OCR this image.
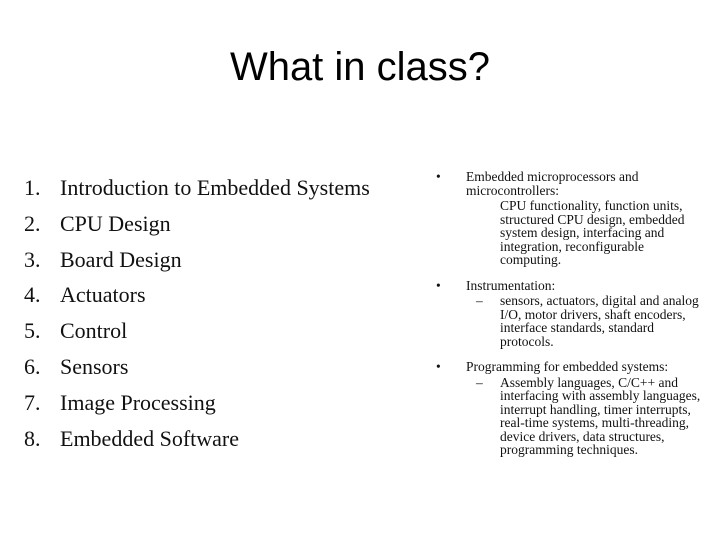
What in class?
1. Introduction to Embedded Systems
2. CPU Design
3. Board Design
4. Actuators
5. Control
6. Sensors
7. Image Processing
8. Embedded Software
•	Embedded microprocessors and microcontrollers:
CPU functionality, function units, structured CPU design, embedded system design, interfacing and integration, reconfigurable computing.
•	Instrumentation:
– sensors, actuators, digital and analog I/O, motor drivers, shaft encoders, interface standards, standard protocols.
•	Programming for embedded systems:
– Assembly languages, C/C++ and interfacing with assembly languages, interrupt handling, timer interrupts, real-time systems, multi-threading, device drivers, data structures, programming techniques.
